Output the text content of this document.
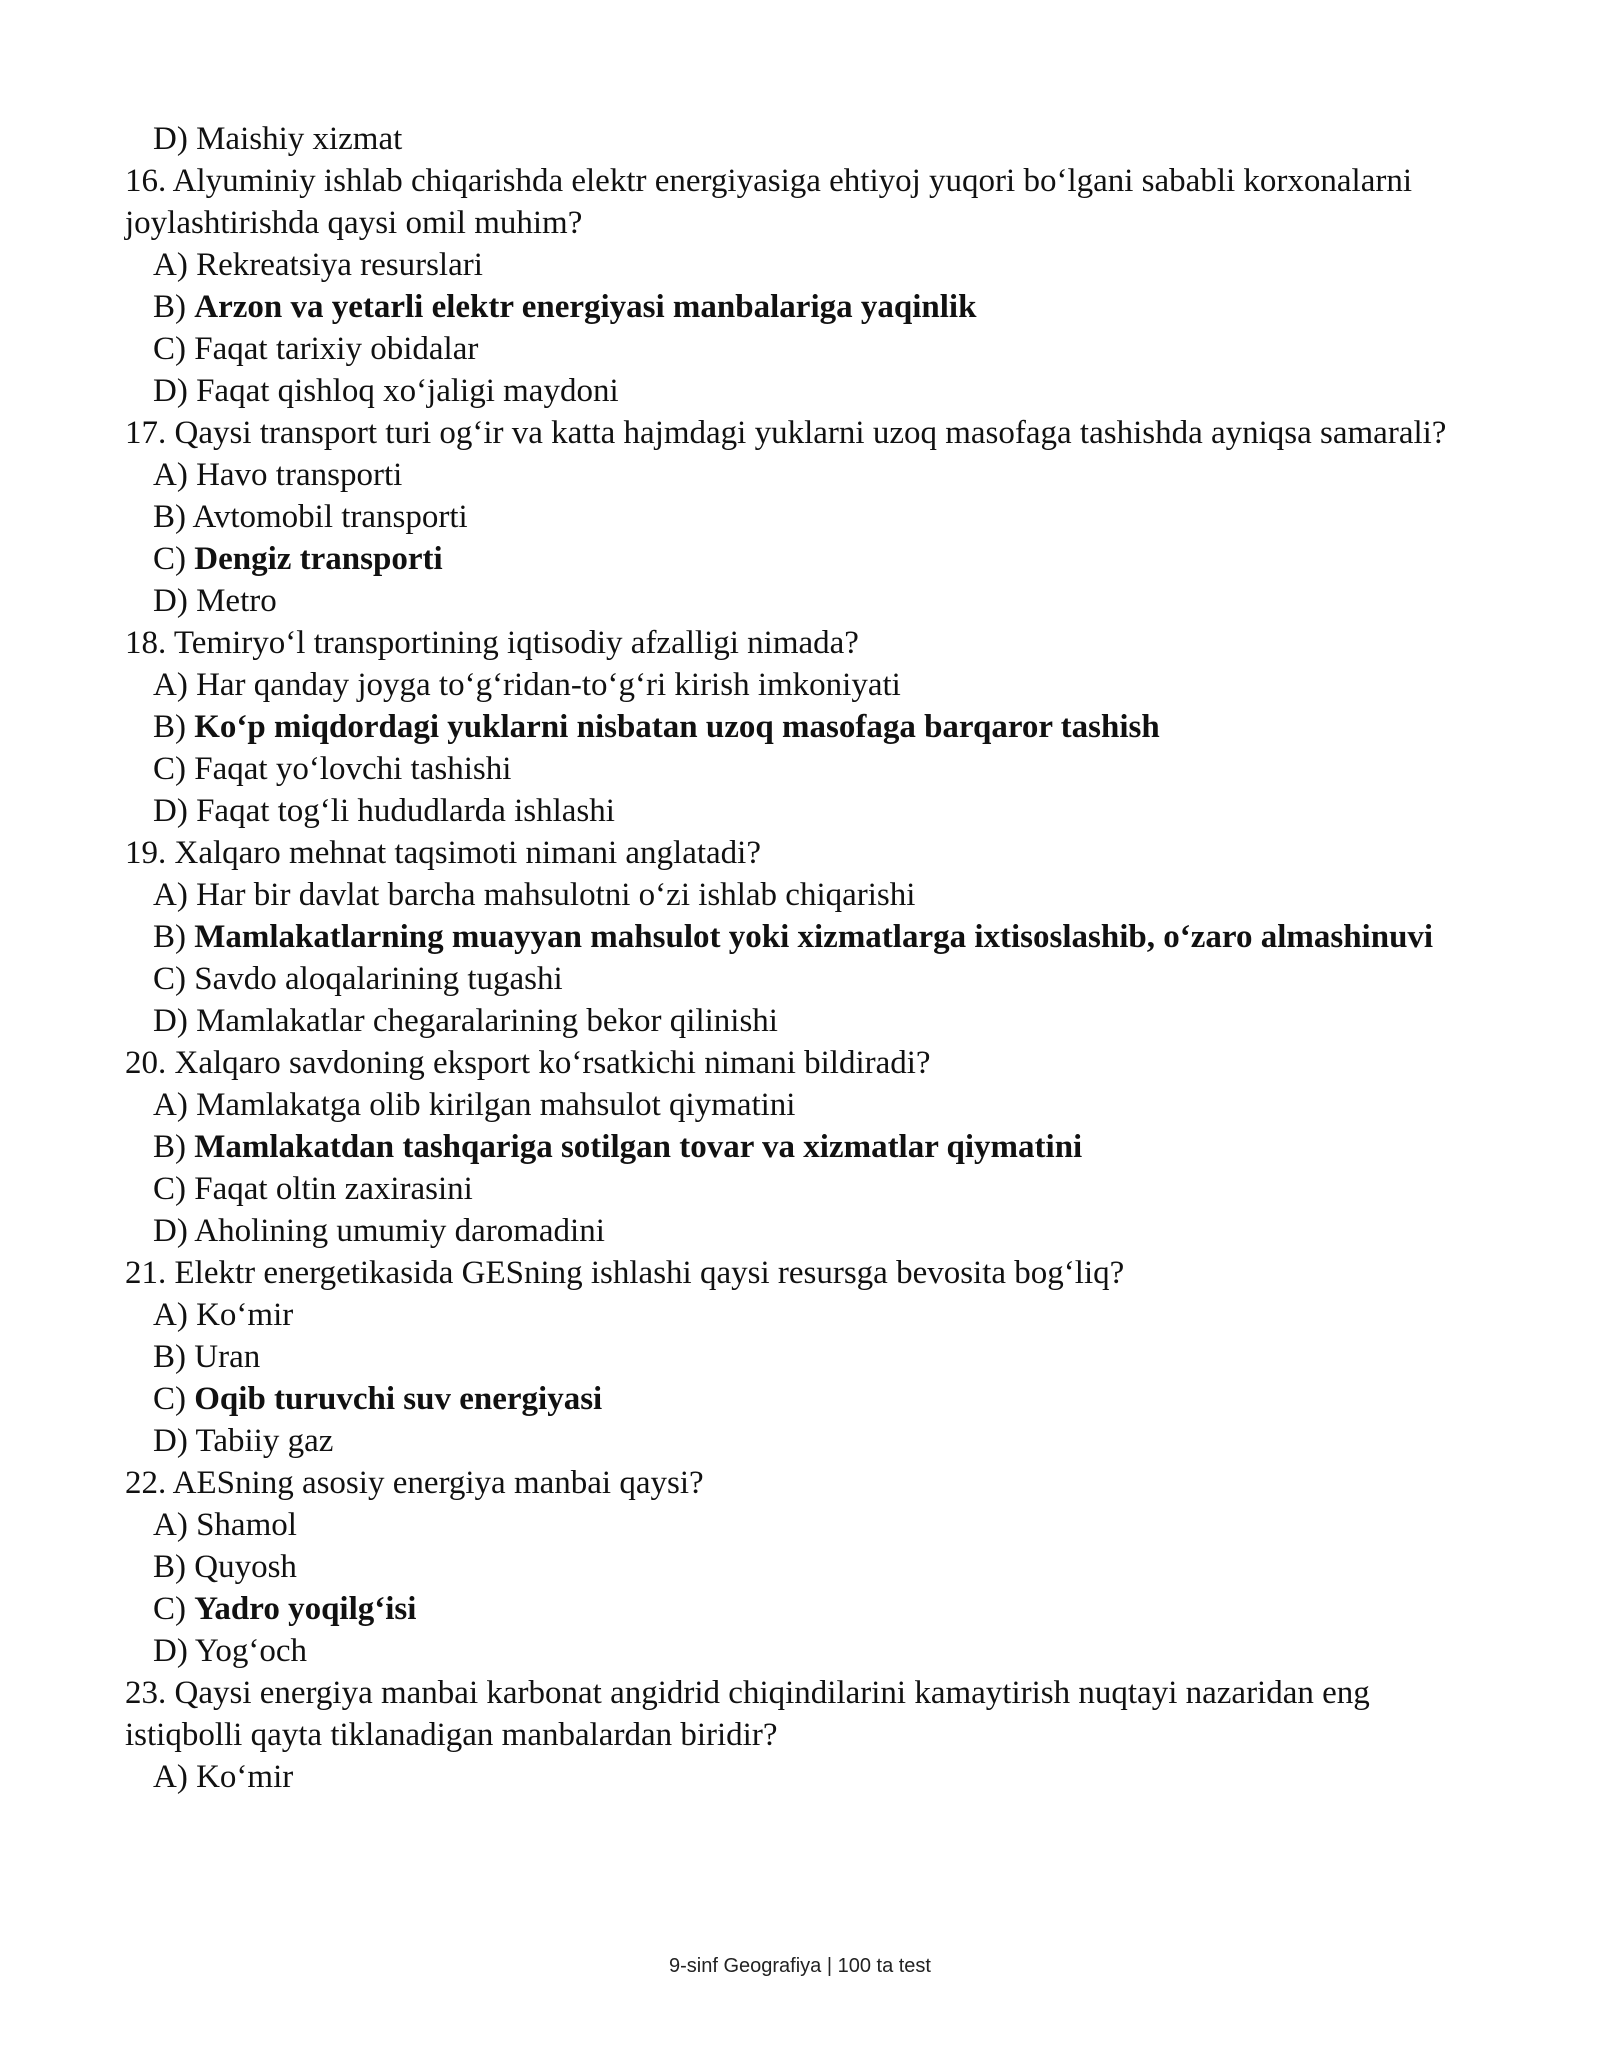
D) Maishiy xizmat
16. Alyuminiy ishlab chiqarishda elektr energiyasiga ehtiyoj yuqori bo‘lgani sababli korxonalarni joylashtirishda qaysi omil muhim?
A) Rekreatsiya resurslari
B) Arzon va yetarli elektr energiyasi manbalariga yaqinlik
C) Faqat tarixiy obidalar
D) Faqat qishloq xo‘jaligi maydoni
17. Qaysi transport turi og‘ir va katta hajmdagi yuklarni uzoq masofaga tashishda ayniqsa samarali?
A) Havo transporti
B) Avtomobil transporti
C) Dengiz transporti
D) Metro
18. Temiryo‘l transportining iqtisodiy afzalligi nimada?
A) Har qanday joyga to‘g‘ridan-to‘g‘ri kirish imkoniyati
B) Ko‘p miqdordagi yuklarni nisbatan uzoq masofaga barqaror tashish
C) Faqat yo‘lovchi tashishi
D) Faqat tog‘li hududlarda ishlashi
19. Xalqaro mehnat taqsimoti nimani anglatadi?
A) Har bir davlat barcha mahsulotni o‘zi ishlab chiqarishi
B) Mamlakatlarning muayyan mahsulot yoki xizmatlarga ixtisoslashib, o‘zaro almashinuvi
C) Savdo aloqalarining tugashi
D) Mamlakatlar chegaralarining bekor qilinishi
20. Xalqaro savdoning eksport ko‘rsatkichi nimani bildiradi?
A) Mamlakatga olib kirilgan mahsulot qiymatini
B) Mamlakatdan tashqariga sotilgan tovar va xizmatlar qiymatini
C) Faqat oltin zaxirasini
D) Aholining umumiy daromadini
21. Elektr energetikasida GESning ishlashi qaysi resursga bevosita bog‘liq?
A) Ko‘mir
B) Uran
C) Oqib turuvchi suv energiyasi
D) Tabiiy gaz
22. AESning asosiy energiya manbai qaysi?
A) Shamol
B) Quyosh
C) Yadro yoqilg‘isi
D) Yog‘och
23. Qaysi energiya manbai karbonat angidrid chiqindilarini kamaytirish nuqtayi nazaridan eng istiqbolli qayta tiklanadigan manbalardan biridir?
A) Ko‘mir
9-sinf Geografiya | 100 ta test
